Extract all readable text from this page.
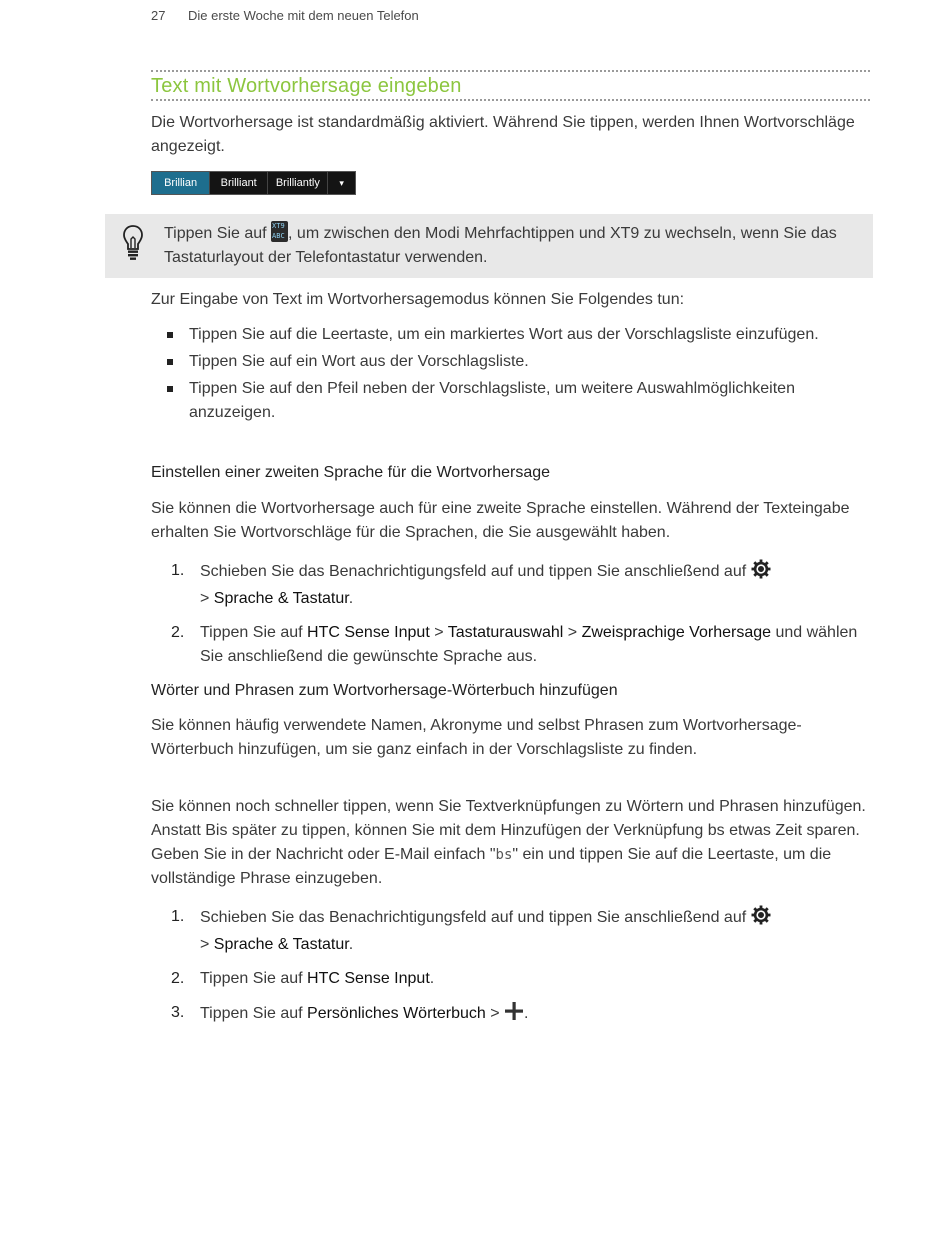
27 Die erste Woche mit dem neuen Telefon
Text mit Wortvorhersage eingeben

Die Wortvorhersage ist standardmäßig aktiviert. Während Sie tippen, werden Ihnen Wortvorschläge angezeigt.

Brillian	Brilliant	Brilliantly	▾
Tippen Sie auf XT9
ABC , um zwischen den Modi Mehrfachtippen und XT9 zu wechseln, wenn Sie das Tastaturlayout der Telefontastatur verwenden.

Zur Eingabe von Text im Wortvorhersagemodus können Sie Folgendes tun:

Tippen Sie auf die Leertaste, um ein markiertes Wort aus der Vorschlagsliste einzufügen.
Tippen Sie auf ein Wort aus der Vorschlagsliste.
Tippen Sie auf den Pfeil neben der Vorschlagsliste, um weitere Auswahlmöglichkeiten anzuzeigen.
Einstellen einer zweiten Sprache für die Wortvorhersage

Sie können die Wortvorhersage auch für eine zweite Sprache einstellen. Während der Texteingabe erhalten Sie Wortvorschläge für die Sprachen, die Sie ausgewählt haben.

1. Schieben Sie das Benachrichtigungsfeld auf und tippen Sie anschließend auf
> Sprache & Tastatur.
2. Tippen Sie auf HTC Sense Input > Tastaturauswahl > Zweisprachige Vorhersage und wählen Sie anschließend die gewünschte Sprache aus.
Wörter und Phrasen zum Wortvorhersage-Wörterbuch hinzufügen

Sie können häufig verwendete Namen, Akronyme und selbst Phrasen zum Wortvorhersage-Wörterbuch hinzufügen, um sie ganz einfach in der Vorschlagsliste zu finden.

Sie können noch schneller tippen, wenn Sie Textverknüpfungen zu Wörtern und Phrasen hinzufügen. Anstatt Bis später zu tippen, können Sie mit dem Hinzufügen der Verknüpfung bs etwas Zeit sparen. Geben Sie in der Nachricht oder E-Mail einfach "bs" ein und tippen Sie auf die Leertaste, um die vollständige Phrase einzugeben.

1. Schieben Sie das Benachrichtigungsfeld auf und tippen Sie anschließend auf
> Sprache & Tastatur.
2. Tippen Sie auf HTC Sense Input.
3. Tippen Sie auf Persönliches Wörterbuch > .
